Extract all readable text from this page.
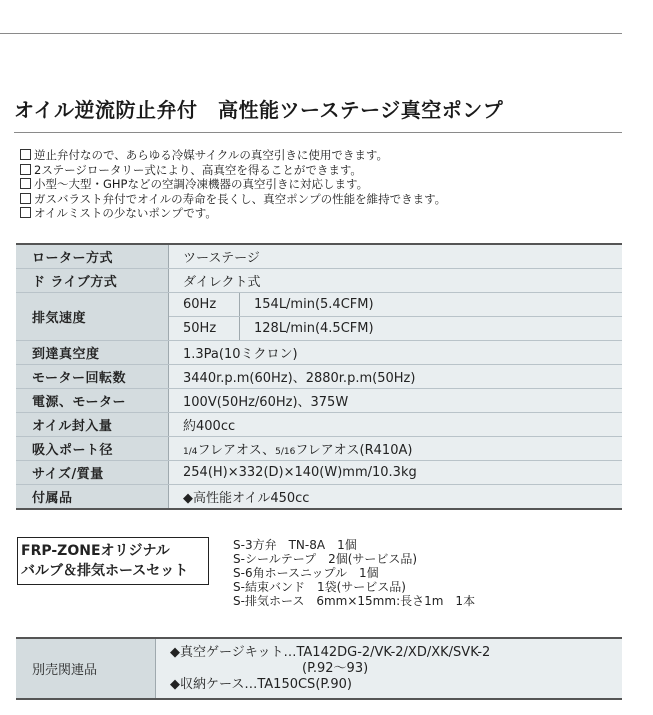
オイル逆流防止弁付　高性能ツーステージ真空ポンプ
逆止弁付なので、あらゆる冷媒サイクルの真空引きに使用できます。
2ステージロータリー式により、高真空を得ることができます。
小型～大型・GHPなどの空調冷凍機器の真空引きに対応します。
ガスバラスト弁付でオイルの寿命を長くし、真空ポンプの性能を維持できます。
オイルミストの少ないポンプです。
ローター方式	ツーステージ	
ド ライブ方式	ダイレクト式	
排気速度	60Hz	154L/min(5.4CFM)
	50Hz	128L/min(4.5CFM)
到達真空度	1.3Pa(10ミクロン)	
モーター回転数	3440r.p.m(60Hz)、2880r.p.m(50Hz)	
電源、モーター	100V(50Hz/60Hz)、375W	
オイル封入量	約400cc	
吸入ポート径	1/4フレアオス、5/16フレアオス(R410A)	
サイズ/質量	254(H)×332(D)×140(W)mm/10.3kg	
付属品	◆高性能オイル450cc	
FRP-ZONEオリジナル
バルブ＆排気ホースセット
S-3方弁　TN-8A　1個
S-シールテープ　2個(サービス品)
S-6角ホースニップル　1個
S-結束バンド　1袋(サービス品)
S-排気ホース　6mm×15mm:長さ1m　1本
別売関連品	
◆真空ゲージキット…TA142DG-2/VK-2/XD/XK/SVK-2
(P.92～93)
◆収納ケース…TA150CS(P.90)
